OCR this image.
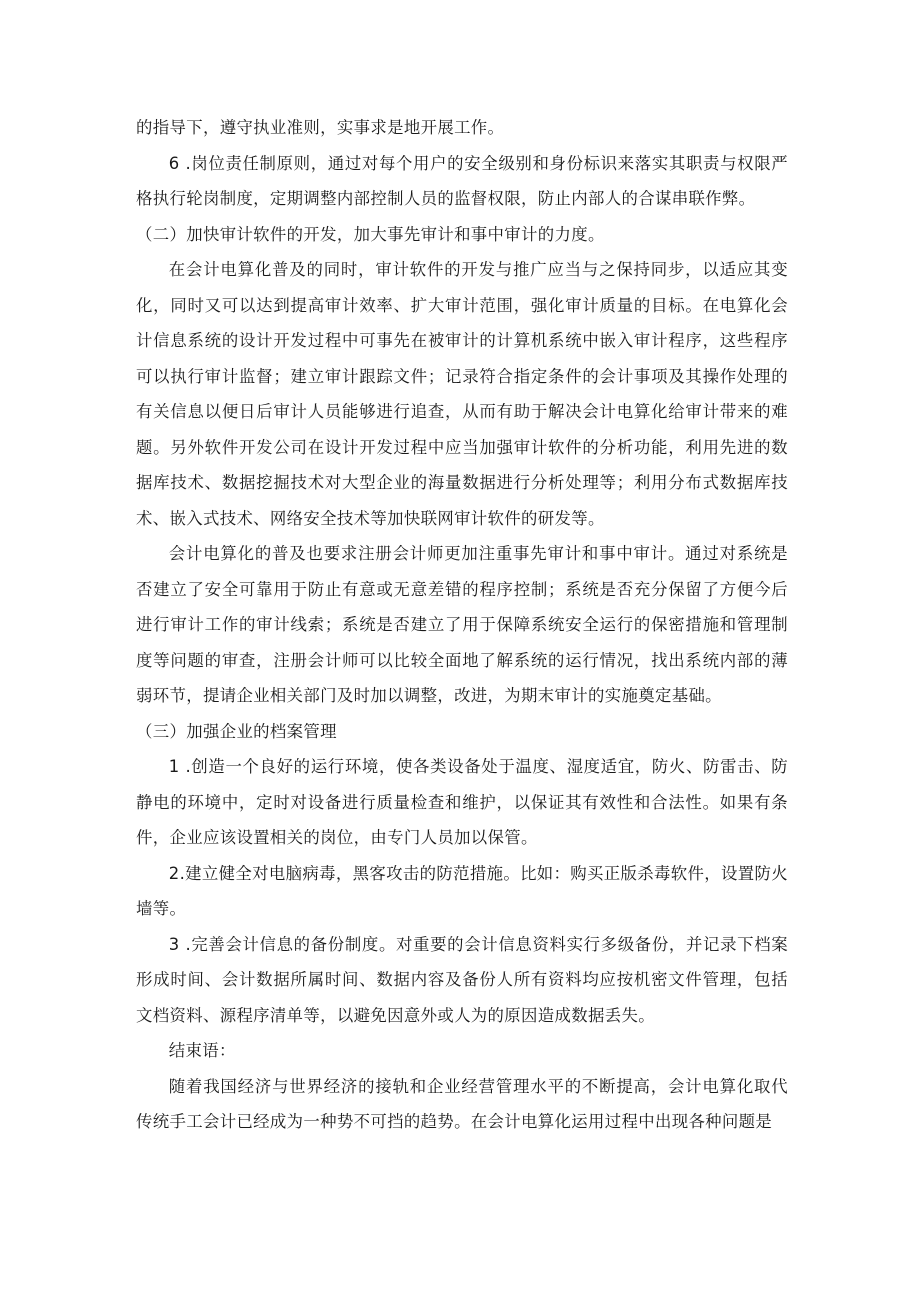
的指导下，遵守执业准则，实事求是地开展工作。

6 .岗位责任制原则，通过对每个用户的安全级别和身份标识来落实其职责与权限严格执行轮岗制度，定期调整内部控制人员的监督权限，防止内部人的合谋串联作弊。

（二）加快审计软件的开发，加大事先审计和事中审计的力度。

在会计电算化普及的同时，审计软件的开发与推广应当与之保持同步，以适应其变化，同时又可以达到提高审计效率、扩大审计范围，强化审计质量的目标。在电算化会计信息系统的设计开发过程中可事先在被审计的计算机系统中嵌入审计程序，这些程序可以执行审计监督；建立审计跟踪文件；记录符合指定条件的会计事项及其操作处理的有关信息以便日后审计人员能够进行追查，从而有助于解决会计电算化给审计带来的难题。另外软件开发公司在设计开发过程中应当加强审计软件的分析功能，利用先进的数据库技术、数据挖掘技术对大型企业的海量数据进行分析处理等；利用分布式数据库技术、嵌入式技术、网络安全技术等加快联网审计软件的研发等。

会计电算化的普及也要求注册会计师更加注重事先审计和事中审计。通过对系统是否建立了安全可靠用于防止有意或无意差错的程序控制；系统是否充分保留了方便今后进行审计工作的审计线索；系统是否建立了用于保障系统安全运行的保密措施和管理制度等问题的审查，注册会计师可以比较全面地了解系统的运行情况，找出系统内部的薄弱环节，提请企业相关部门及时加以调整，改进，为期末审计的实施奠定基础。

（三）加强企业的档案管理

1 .创造一个良好的运行环境，使各类设备处于温度、湿度适宜，防火、防雷击、防静电的环境中，定时对设备进行质量检查和维护，以保证其有效性和合法性。如果有条件，企业应该设置相关的岗位，由专门人员加以保管。

2.建立健全对电脑病毒，黑客攻击的防范措施。比如：购买正版杀毒软件，设置防火墙等。

3 .完善会计信息的备份制度。对重要的会计信息资料实行多级备份，并记录下档案形成时间、会计数据所属时间、数据内容及备份人所有资料均应按机密文件管理，包括文档资料、源程序清单等，以避免因意外或人为的原因造成数据丢失。

结束语：

随着我国经济与世界经济的接轨和企业经营管理水平的不断提高，会计电算化取代传统手工会计已经成为一种势不可挡的趋势。在会计电算化运用过程中出现各种问题是
